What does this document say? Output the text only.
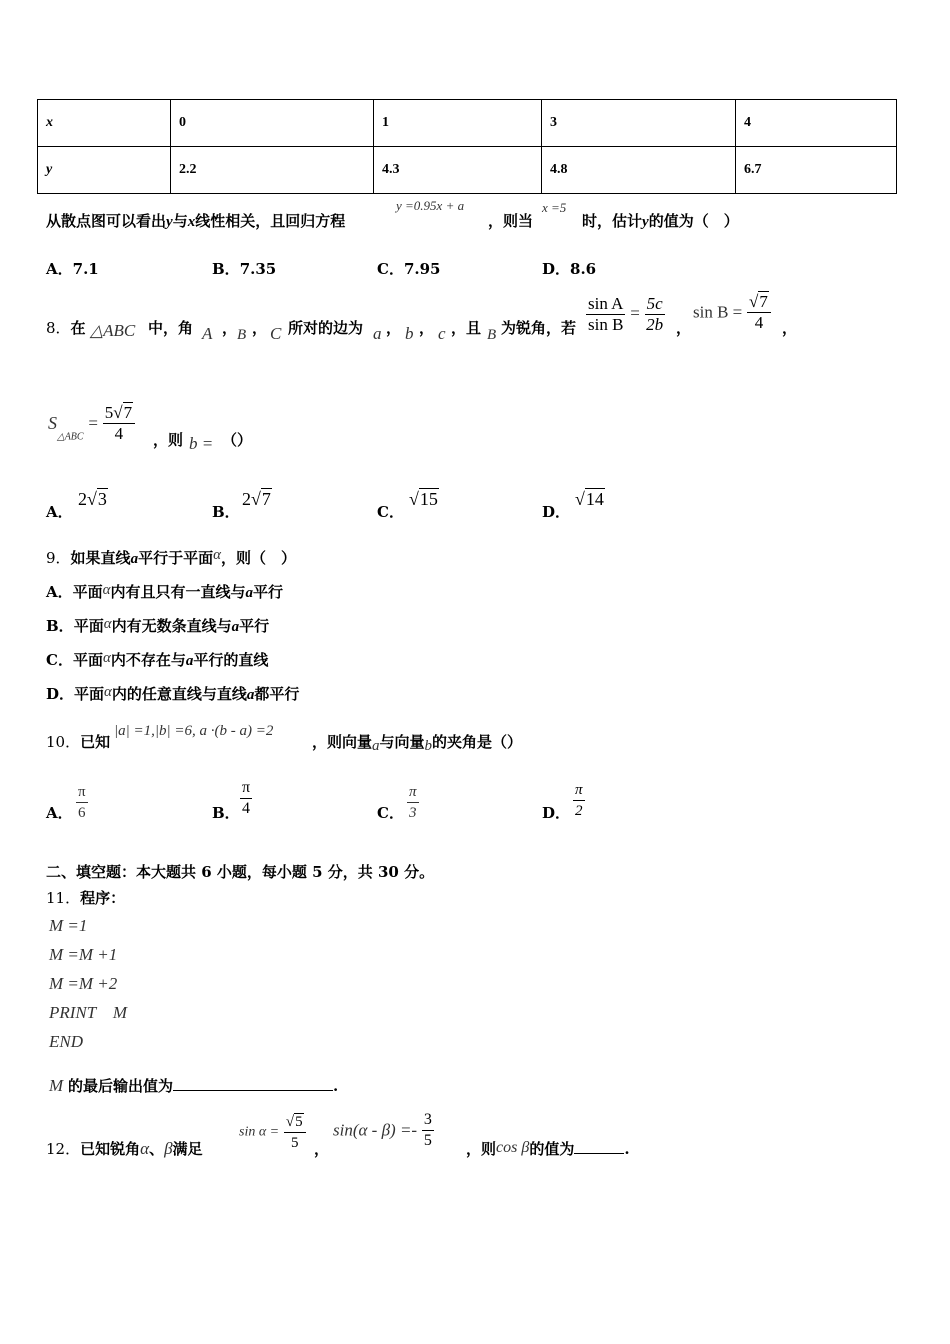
x	0	1	3	4
y	2.2	4.3	4.8	6.7
从散点图可以看出y与x线性相关，且回归方程
y =0.95x + a
，则当
x =5
时，估计y的值为（　）
A．7.1	B．7.35	C．7.95	D．8.6
8．在 △ABC 中，角 A ， B ， C 所对的边为 a ， b ， c ，且 B 为锐角，若 $\frac{\text{sin A}}{\text{sin B}} = \frac{5c}{2b}$ ，
$\sin B = \frac{√7}{4}$ ，
$S_{\triangle ABC} = \frac{5√7}{4}$ ，则 b = （）
A．
2√3
B．
2√7
C．
√15
D．
√14
9．如果直线a平行于平面α，则（　）
A．平面α内有且只有一直线与a平行
B．平面α内有无数条直线与a平行
C．平面α内不存在与a平行的直线
D．平面α内的任意直线与直线a都平行
10．已知
|a| =1,|b| =6, a ·(b - a) =2
，则向量a与向量b的夹角是（）
A． $\frac{\pi}{6}$	B． $\frac{\pi}{4}$	C． $\frac{\pi}{3}$	D． $\frac{\pi}{2}$
二、填空题：本大题共 6 小题，每小题 5 分，共 30 分。
11．程序：
M =1
M =M +1
M =M +2
PRINT    M
END
M 的最后输出值为	.
12．已知锐角α、β满足
$\sin \alpha = \frac{√5}{5}$ ，
$\sin(\alpha - \beta) =- \frac{3}{5}$ ，则cos β的值为	.
